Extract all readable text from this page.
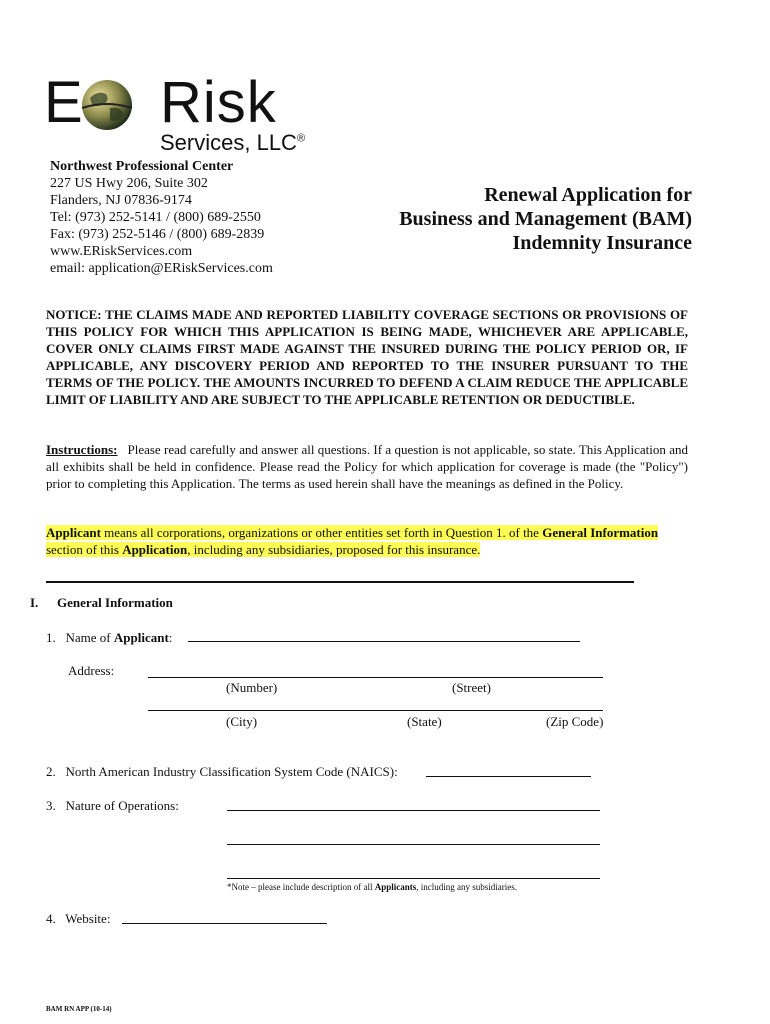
E Risk
Services, LLC®
Northwest Professional Center
227 US Hwy 206, Suite 302
Flanders, NJ 07836-9174
Tel: (973) 252-5141 / (800) 689-2550
Fax: (973) 252-5146 / (800) 689-2839
www.ERiskServices.com
email: application@ERiskServices.com
Renewal Application for
Business and Management (BAM)
Indemnity Insurance
NOTICE: THE CLAIMS MADE AND REPORTED LIABILITY COVERAGE SECTIONS OR PROVISIONS OF THIS POLICY FOR WHICH THIS APPLICATION IS BEING MADE, WHICHEVER ARE APPLICABLE, COVER ONLY CLAIMS FIRST MADE AGAINST THE INSURED DURING THE POLICY PERIOD OR, IF APPLICABLE, ANY DISCOVERY PERIOD AND REPORTED TO THE INSURER PURSUANT TO THE TERMS OF THE POLICY. THE AMOUNTS INCURRED TO DEFEND A CLAIM REDUCE THE APPLICABLE LIMIT OF LIABILITY AND ARE SUBJECT TO THE APPLICABLE RETENTION OR DEDUCTIBLE.
Instructions: Please read carefully and answer all questions. If a question is not applicable, so state. This Application and all exhibits shall be held in confidence. Please read the Policy for which application for coverage is made (the "Policy") prior to completing this Application. The terms as used herein shall have the meanings as defined in the Policy.
Applicant means all corporations, organizations or other entities set forth in Question 1. of the General Information section of this Application, including any subsidiaries, proposed for this insurance.
I. General Information
1. Name of Applicant:
Address:
(Number)	(Street)
(City)	(State)	(Zip Code)
2. North American Industry Classification System Code (NAICS):
3. Nature of Operations:
*Note – please include description of all Applicants, including any subsidiaries.
4. Website:
BAM RN APP (10-14)
